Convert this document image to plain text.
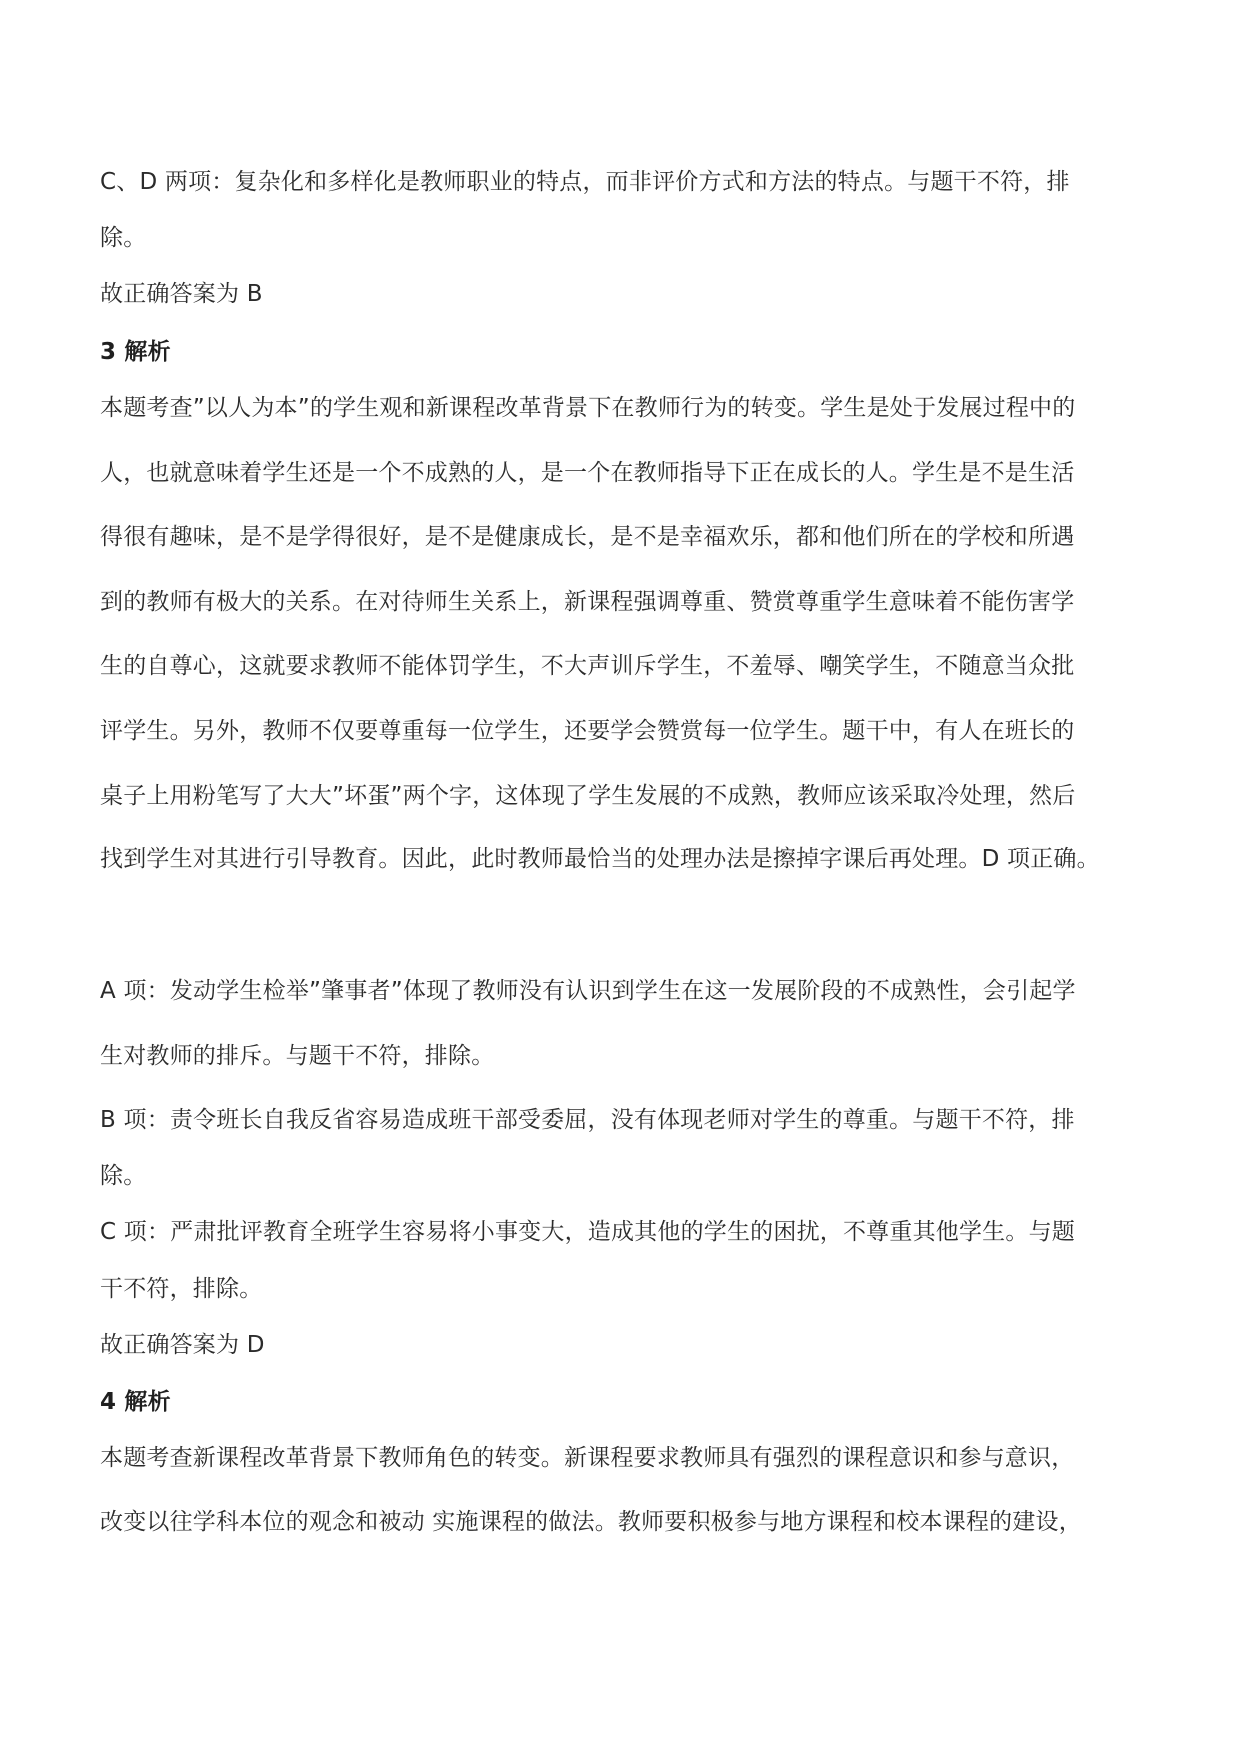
C、D 两项：复杂化和多样化是教师职业的特点，而非评价方式和方法的特点。与题干不符，排
除。
故正确答案为 B
3 解析
本题考查”以人为本”的学生观和新课程改革背景下在教师行为的转变。学生是处于发展过程中的
人，也就意味着学生还是一个不成熟的人，是一个在教师指导下正在成长的人。学生是不是生活
得很有趣味，是不是学得很好，是不是健康成长，是不是幸福欢乐，都和他们所在的学校和所遇
到的教师有极大的关系。在对待师生关系上，新课程强调尊重、赞赏尊重学生意味着不能伤害学
生的自尊心，这就要求教师不能体罚学生，不大声训斥学生，不羞辱、嘲笑学生，不随意当众批
评学生。另外，教师不仅要尊重每一位学生，还要学会赞赏每一位学生。题干中，有人在班长的
桌子上用粉笔写了大大”坏蛋”两个字，这体现了学生发展的不成熟，教师应该采取冷处理，然后
找到学生对其进行引导教育。因此，此时教师最恰当的处理办法是擦掉字课后再处理。D 项正确。
A 项：发动学生检举”肇事者”体现了教师没有认识到学生在这一发展阶段的不成熟性，会引起学
生对教师的排斥。与题干不符，排除。
B 项：责令班长自我反省容易造成班干部受委屈，没有体现老师对学生的尊重。与题干不符，排
除。
C 项：严肃批评教育全班学生容易将小事变大，造成其他的学生的困扰，不尊重其他学生。与题
干不符，排除。
故正确答案为 D
4 解析
本题考查新课程改革背景下教师角色的转变。新课程要求教师具有强烈的课程意识和参与意识，
改变以往学科本位的观念和被动 实施课程的做法。教师要积极参与地方课程和校本课程的建设，
